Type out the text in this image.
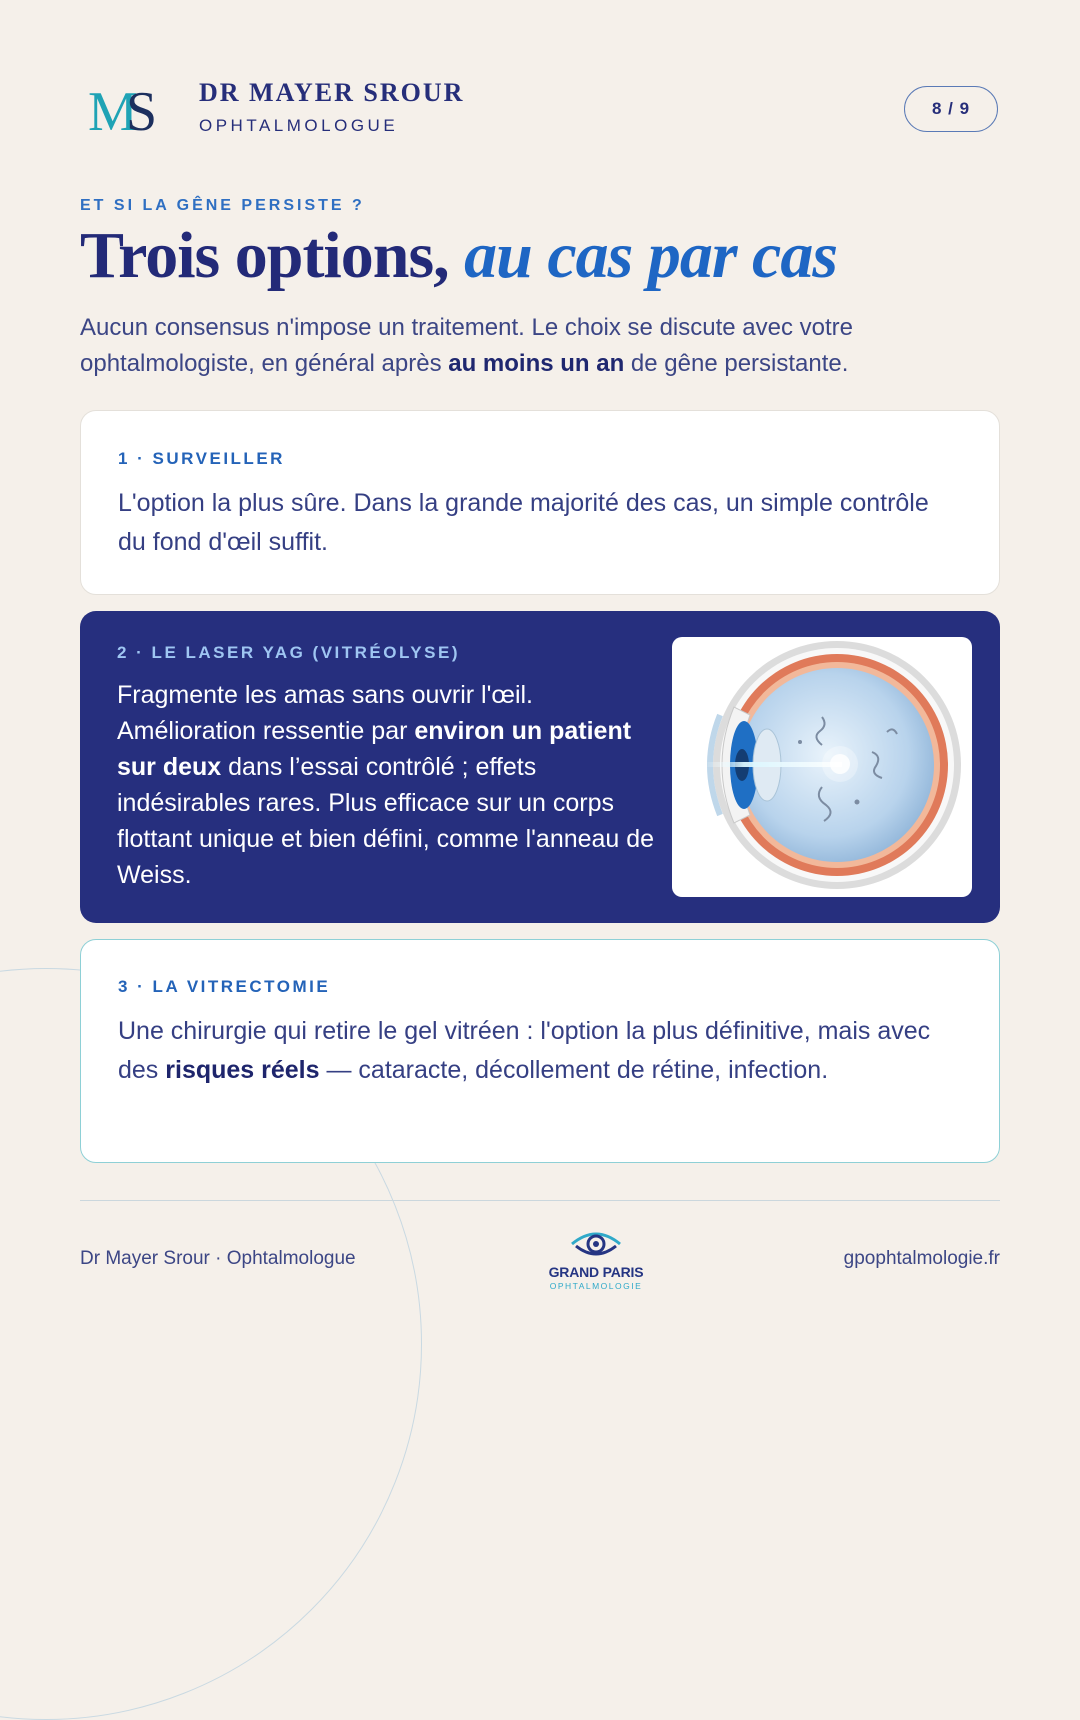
M
S DR MAYER SROUR

OPHTALMOLOGUE

8 / 9

ET SI LA GÊNE PERSISTE ?

Trois options, au cas par cas

Aucun consensus n'impose un traitement. Le choix se discute avec votre ophtalmologiste, en général après au moins un an de gêne persistante.

1 · SURVEILLER

L'option la plus sûre. Dans la grande majorité des cas, un simple contrôle du fond d'œil suffit.

2 · LE LASER YAG (VITRÉOLYSE)

Fragmente les amas sans ouvrir l'œil. Amélioration ressentie par environ un patient sur deux dans l’essai contrôlé ; effets indésirables rares. Plus efficace sur un corps flottant unique et bien défini, comme l'anneau de Weiss.

3 · LA VITRECTOMIE

Une chirurgie qui retire le gel vitréen : l'option la plus définitive, mais avec des risques réels — cataracte, décollement de rétine, infection.

Dr Mayer Srour · Ophtalmologue

GRAND PARIS

OPHTALMOLOGIE

gpophtalmologie.fr
